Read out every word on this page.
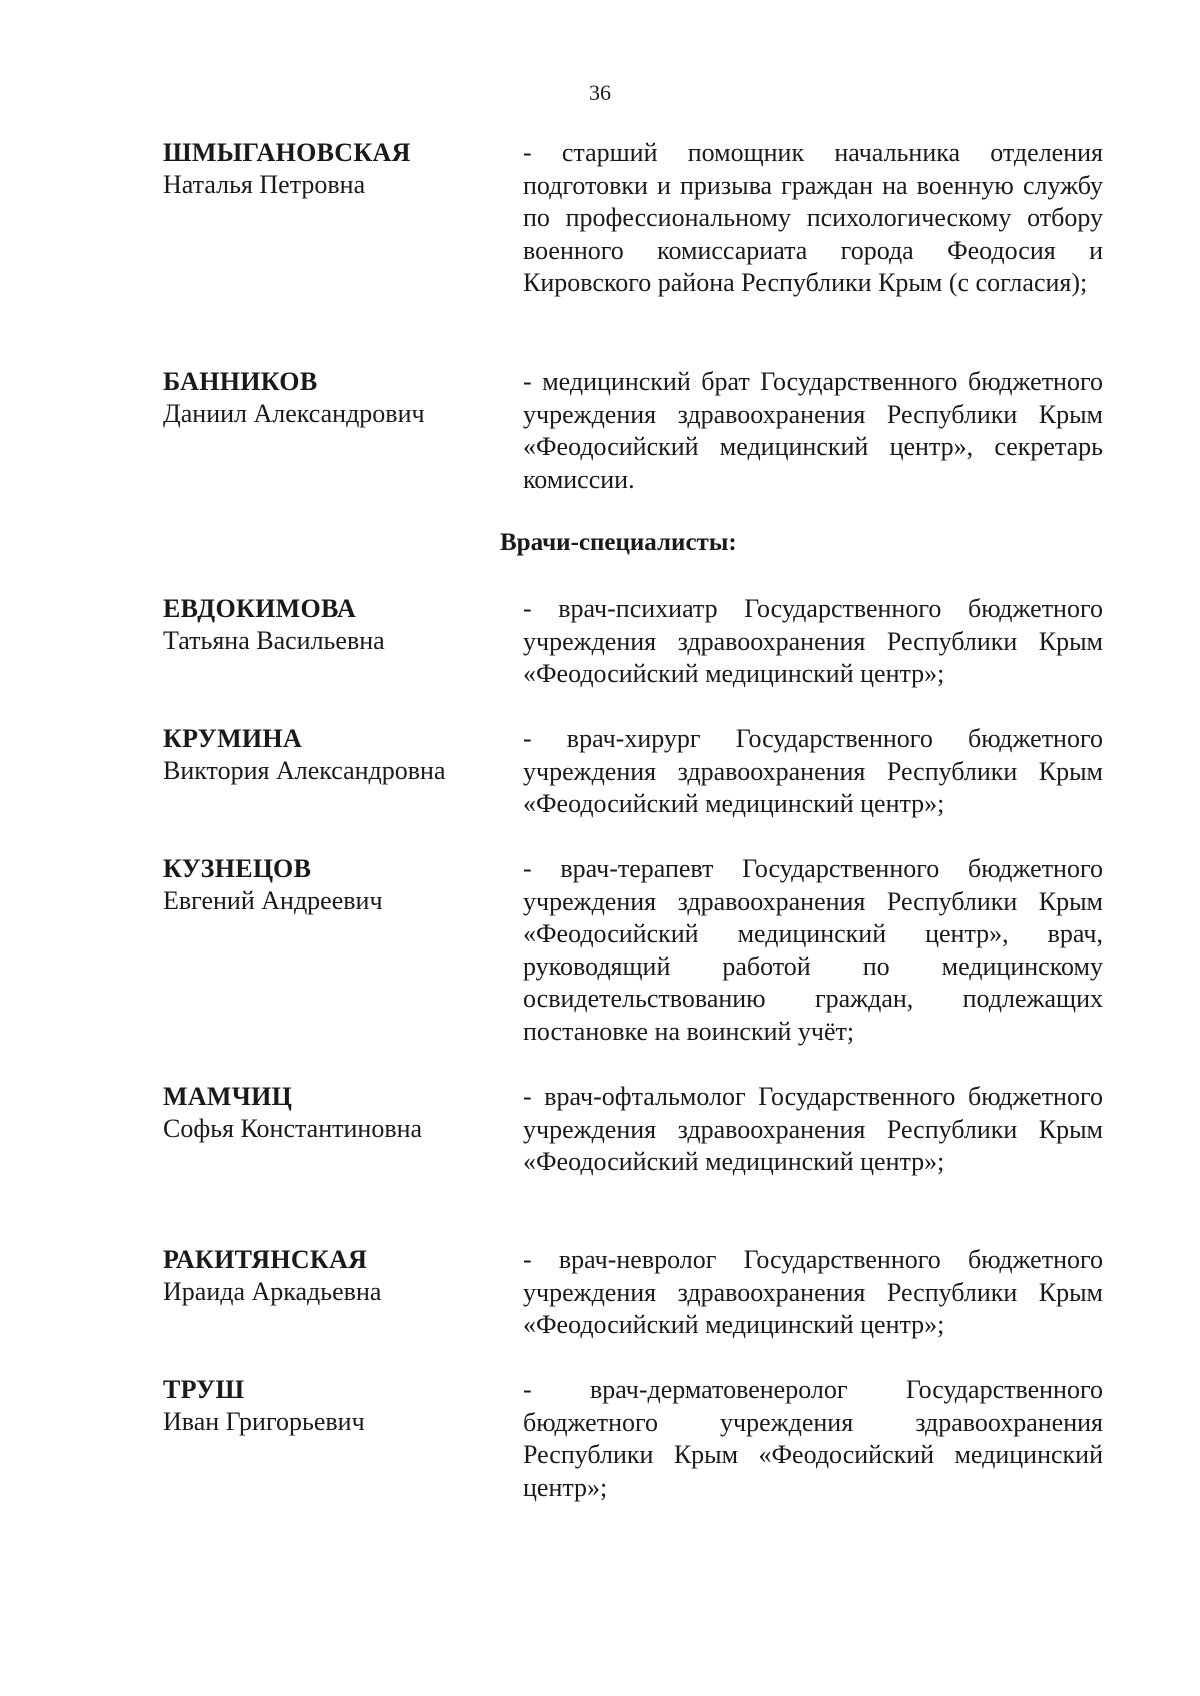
36
ШМЫГАНОВСКАЯ
Наталья Петровна
- старший помощник начальника отделения подготовки и призыва граждан на военную службу по профессиональному психологическому отбору военного комиссариата города Феодосия и Кировского района Республики Крым (с согласия);
БАННИКОВ
Даниил Александрович
- медицинский брат Государственного бюджетного учреждения здравоохранения Республики Крым «Феодосийский медицинский центр», секретарь комиссии.
Врачи-специалисты:
ЕВДОКИМОВА
Татьяна Васильевна
- врач-психиатр Государственного бюджетного учреждения здравоохранения Республики Крым «Феодосийский медицинский центр»;
КРУМИНА
Виктория Александровна
- врач-хирург Государственного бюджетного учреждения здравоохранения Республики Крым «Феодосийский медицинский центр»;
КУЗНЕЦОВ
Евгений Андреевич
- врач-терапевт Государственного бюджетного учреждения здравоохранения Республики Крым «Феодосийский медицинский центр», врач, руководящий работой по медицинскому освидетельствованию граждан, подлежащих постановке на воинский учёт;
МАМЧИЦ
Софья Константиновна
- врач-офтальмолог Государственного бюджетного учреждения здравоохранения Республики Крым «Феодосийский медицинский центр»;
РАКИТЯНСКАЯ
Ираида Аркадьевна
- врач-невролог Государственного бюджетного учреждения здравоохранения Республики Крым «Феодосийский медицинский центр»;
ТРУШ
Иван Григорьевич
- врач-дерматовенеролог Государственного бюджетного учреждения здравоохранения Республики Крым «Феодосийский медицинский центр»;
